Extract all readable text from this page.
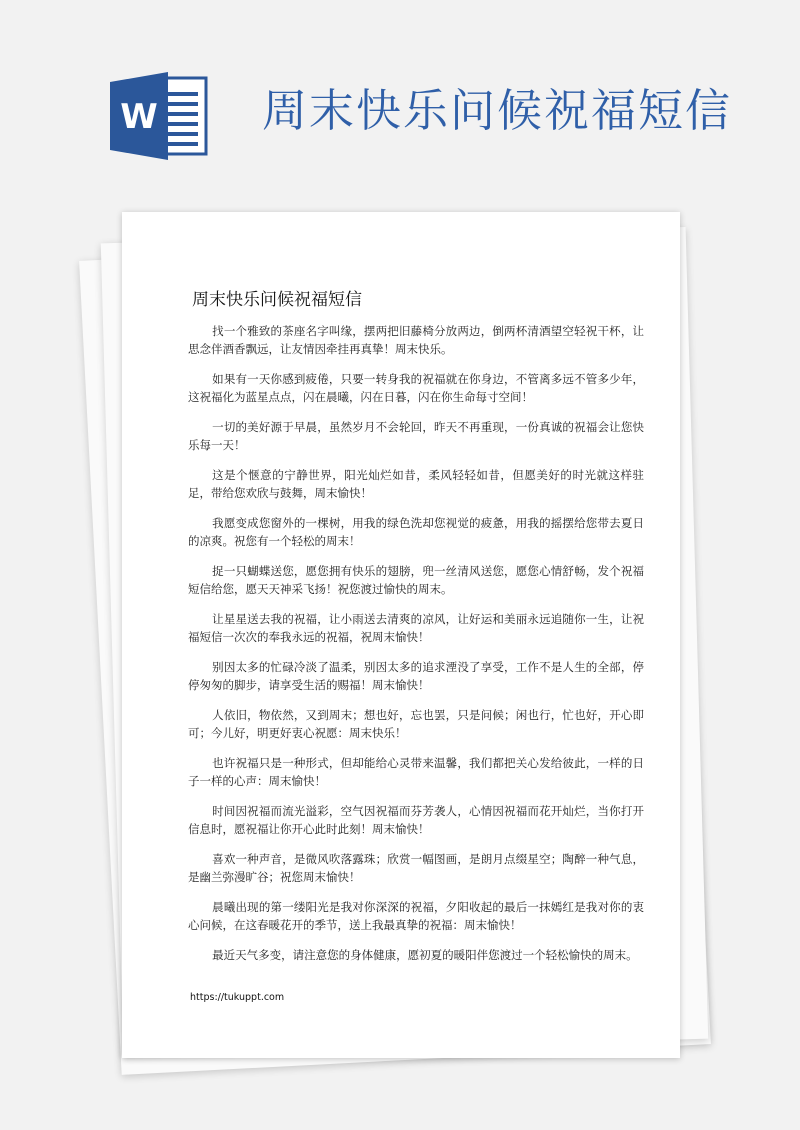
W 周末快乐问候祝福短信
周末快乐问候祝福短信

找一个雅致的茶座名字叫缘，摆两把旧藤椅分放两边，倒两杯清酒望空轻祝干杯，让思念伴酒香飘远，让友情因牵挂再真挚！周末快乐。

如果有一天你感到疲倦，只要一转身我的祝福就在你身边，不管离多远不管多少年，这祝福化为蓝星点点，闪在晨曦，闪在日暮，闪在你生命每寸空间！

一切的美好源于早晨，虽然岁月不会轮回，昨天不再重现，一份真诚的祝福会让您快乐每一天！

这是个惬意的宁静世界，阳光灿烂如昔，柔风轻轻如昔，但愿美好的时光就这样驻足，带给您欢欣与鼓舞，周末愉快！

我愿变成您窗外的一棵树，用我的绿色洗却您视觉的疲惫，用我的摇摆给您带去夏日的凉爽。祝您有一个轻松的周末！

捉一只蝴蝶送您，愿您拥有快乐的翅膀，兜一丝清风送您，愿您心情舒畅，发个祝福短信给您，愿天天神采飞扬！祝您渡过愉快的周末。

让星星送去我的祝福，让小雨送去清爽的凉风，让好运和美丽永远追随你一生，让祝福短信一次次的奉我永远的祝福，祝周末愉快！

别因太多的忙碌冷淡了温柔，别因太多的追求湮没了享受，工作不是人生的全部，停停匆匆的脚步，请享受生活的赐福！周末愉快！

人依旧，物依然，又到周末；想也好，忘也罢，只是问候；闲也行，忙也好，开心即可；今儿好，明更好衷心祝愿：周末快乐！

也许祝福只是一种形式，但却能给心灵带来温馨，我们都把关心发给彼此，一样的日子一样的心声：周末愉快！

时间因祝福而流光溢彩，空气因祝福而芬芳袭人，心情因祝福而花开灿烂，当你打开信息时，愿祝福让你开心此时此刻！周末愉快！

喜欢一种声音，是微风吹落露珠；欣赏一幅图画，是朗月点缀星空；陶醉一种气息，是幽兰弥漫旷谷；祝您周末愉快！

晨曦出现的第一缕阳光是我对你深深的祝福，夕阳收起的最后一抹嫣红是我对你的衷心问候，在这春暖花开的季节，送上我最真挚的祝福：周末愉快！

最近天气多变，请注意您的身体健康，愿初夏的暖阳伴您渡过一个轻松愉快的周末。

https://tukuppt.com
